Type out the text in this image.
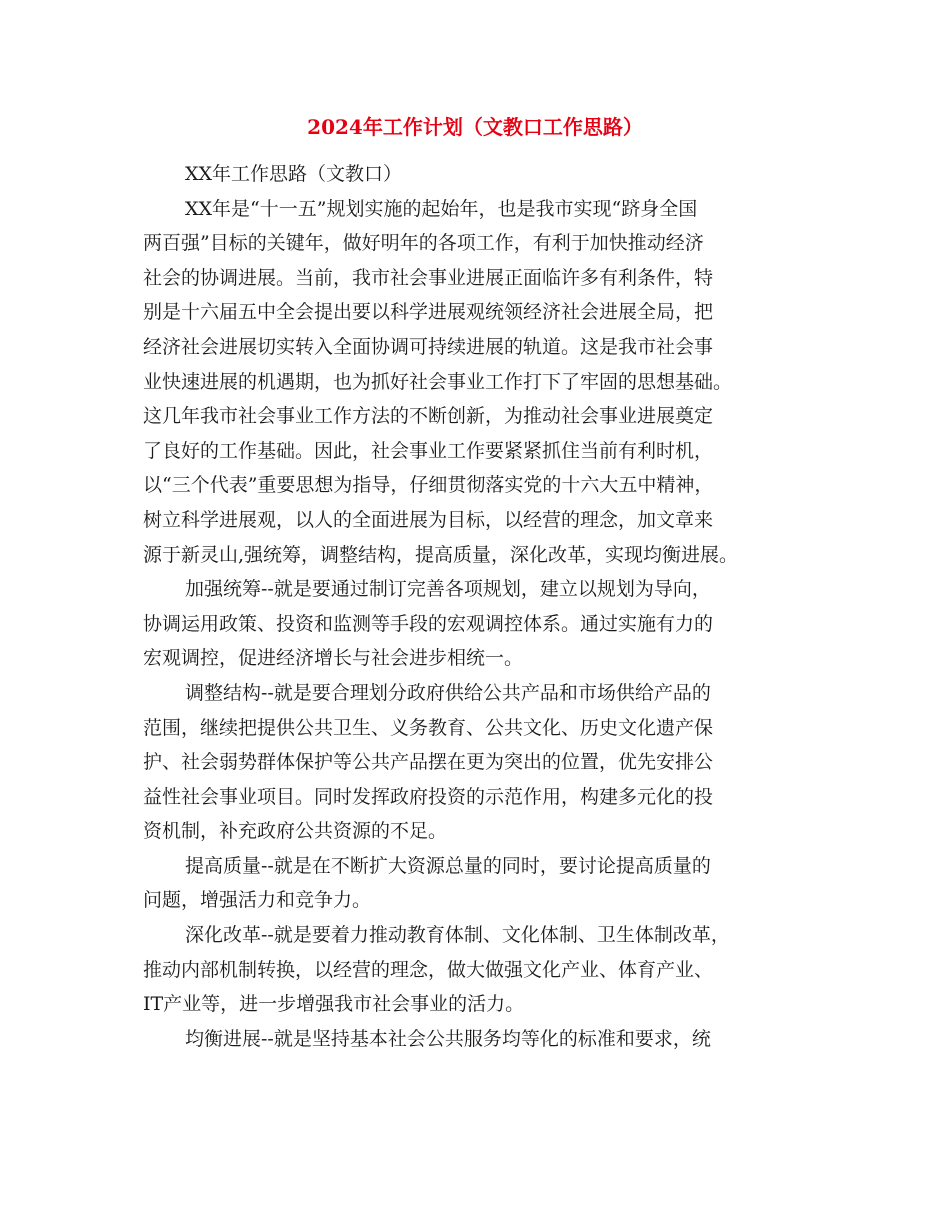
2024年工作计划（文教口工作思路）
XX年工作思路（文教口）
XX年是“十一五”规划实施的起始年，也是我市实现“跻身全国
两百强”目标的关键年，做好明年的各项工作，有利于加快推动经济
社会的协调进展。当前，我市社会事业进展正面临许多有利条件，特
别是十六届五中全会提出要以科学进展观统领经济社会进展全局，把
经济社会进展切实转入全面协调可持续进展的轨道。这是我市社会事
业快速进展的机遇期，也为抓好社会事业工作打下了牢固的思想基础。
这几年我市社会事业工作方法的不断创新，为推动社会事业进展奠定
了良好的工作基础。因此，社会事业工作要紧紧抓住当前有利时机，
以“三个代表”重要思想为指导，仔细贯彻落实党的十六大五中精神，
树立科学进展观，以人的全面进展为目标，以经营的理念，加文章来
源于新灵山,强统筹，调整结构，提高质量，深化改革，实现均衡进展。
加强统筹--就是要通过制订完善各项规划，建立以规划为导向，
协调运用政策、投资和监测等手段的宏观调控体系。通过实施有力的
宏观调控，促进经济增长与社会进步相统一。
调整结构--就是要合理划分政府供给公共产品和市场供给产品的
范围，继续把提供公共卫生、义务教育、公共文化、历史文化遗产保
护、社会弱势群体保护等公共产品摆在更为突出的位置，优先安排公
益性社会事业项目。同时发挥政府投资的示范作用，构建多元化的投
资机制，补充政府公共资源的不足。
提高质量--就是在不断扩大资源总量的同时，要讨论提高质量的
问题，增强活力和竞争力。
深化改革--就是要着力推动教育体制、文化体制、卫生体制改革，
推动内部机制转换，以经营的理念，做大做强文化产业、体育产业、
IT产业等，进一步增强我市社会事业的活力。
均衡进展--就是坚持基本社会公共服务均等化的标准和要求，统
